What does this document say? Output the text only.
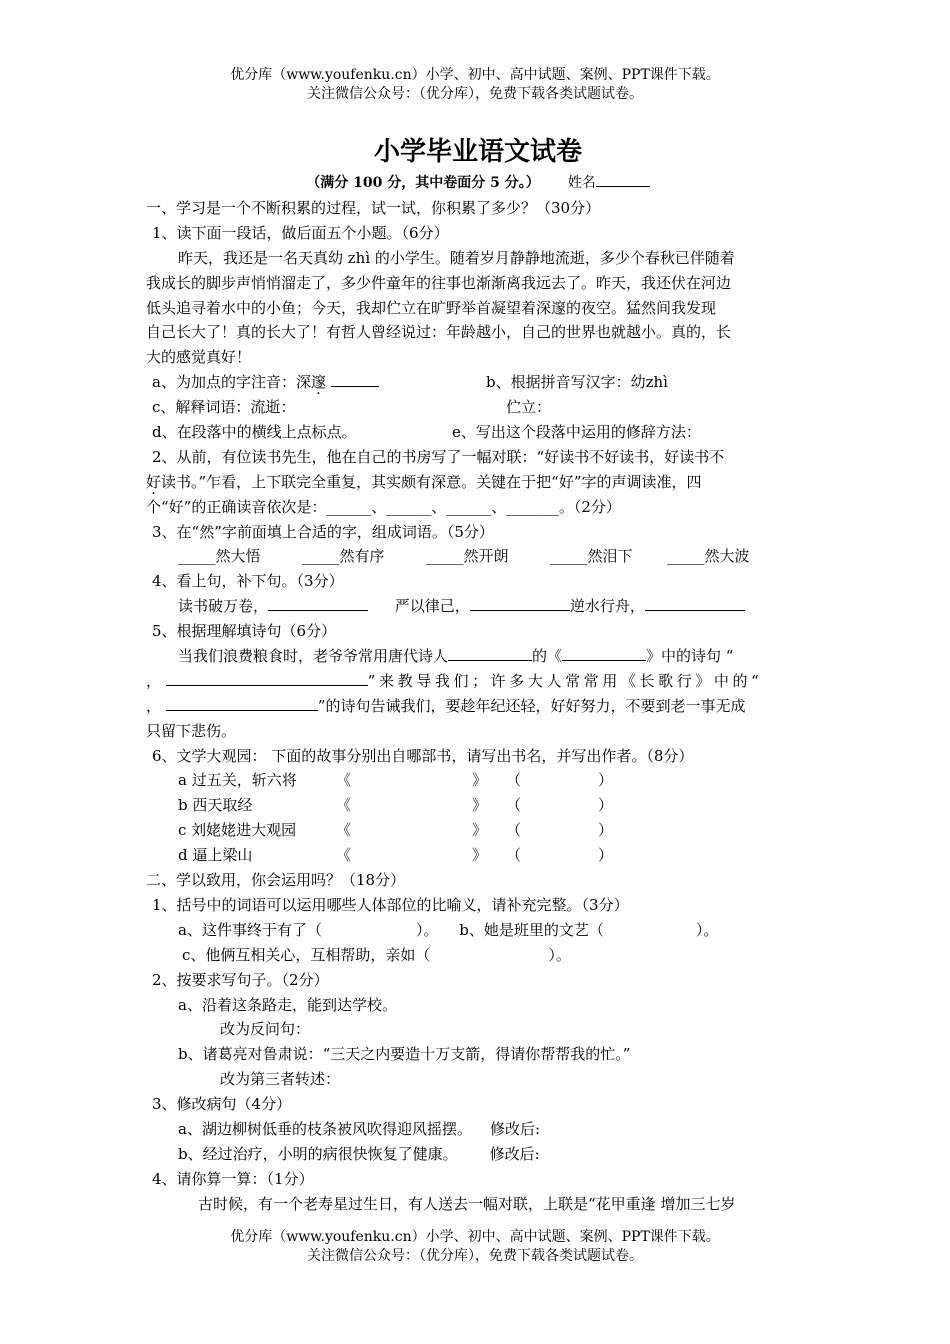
优分库（www.youfenku.cn）小学、初中、高中试题、案例、PPT课件下载。
关注微信公众号：（优分库），免费下载各类试题试卷。
小学毕业语文试卷
（满分 100 分，其中卷面分 5 分。） 姓名
一、学习是一个不断积累的过程，试一试，你积累了多少？（30分）
1、读下面一段话，做后面五个小题。（6分）
昨天，我还是一名天真幼 zhì 的小学生。随着岁月静静地流逝，多少个春秋已伴随着
我成长的脚步声悄悄溜走了，多少件童年的往事也渐渐离我远去了。昨天，我还伏在河边
低头追寻着水中的小鱼；今天，我却伫立在旷野举首凝望着深邃的夜空。猛然间我发现
自己长大了！真的长大了！有哲人曾经说过：年龄越小，自己的世界也就越小。真的，长
大的感觉真好！
a、为加点的字注音：深邃	b、根据拼音写汉字：幼zhì
c、解释词语：流逝：	伫立：
d、在段落中的横线上点标点。	e、写出这个段落中运用的修辞方法：
2、从前，有位读书先生，他在自己的书房写了一幅对联：“好读书不好读书，好读书不
好读书。”乍看，上下联完全重复，其实颇有深意。关键在于把“好”字的声调读准，四
个“好”的正确读音依次是：______、______、______、_______。（2分）
3、在“然”字前面填上合适的字，组成词语。（5分）
_____然大悟	_____然有序	_____然开朗	_____然泪下 _____然大波
4、看上句，补下句。（3分）
读书破万卷，	严以律己，	逆水行舟，
5、根据理解填诗句（6分）
当我们浪费粮食时，老爷爷常用唐代诗人	的《	》中的诗句 “
，	”来教导我们；许多大人常常用《长歌行》中的“
，	”的诗句告诫我们，要趁年纪还轻，好好努力，不要到老一事无成
只留下悲伤。
6、文学大观园： 下面的故事分别出自哪部书，请写出书名，并写出作者。（8分）
a 过五关，斩六将	《	》 （	）
b 西天取经	《	》 （	）
c 刘姥姥进大观园	《	》 （	）
d 逼上梁山	《	》 （	）
二、学以致用，你会运用吗？（18分）
1、括号中的词语可以运用哪些人体部位的比喻义，请补充完整。（3分）
a、这件事终于有了（	）。 b、她是班里的文艺（	）。
c、他俩互相关心，互相帮助，亲如（	）。
2、按要求写句子。（2分）
a、沿着这条路走，能到达学校。
改为反问句：
b、诸葛亮对鲁肃说：“三天之内要造十万支箭，得请你帮帮我的忙。”
改为第三者转述：
3、修改病句（4分）
a、湖边柳树低垂的枝条被风吹得迎风摇摆。 修改后:
b、经过治疗，小明的病很快恢复了健康。 修改后:
4、请你算一算：（1分）
古时候，有一个老寿星过生日，有人送去一幅对联，上联是“花甲重逢 增加三七岁
优分库（www.youfenku.cn）小学、初中、高中试题、案例、PPT课件下载。
关注微信公众号：（优分库），免费下载各类试题试卷。
